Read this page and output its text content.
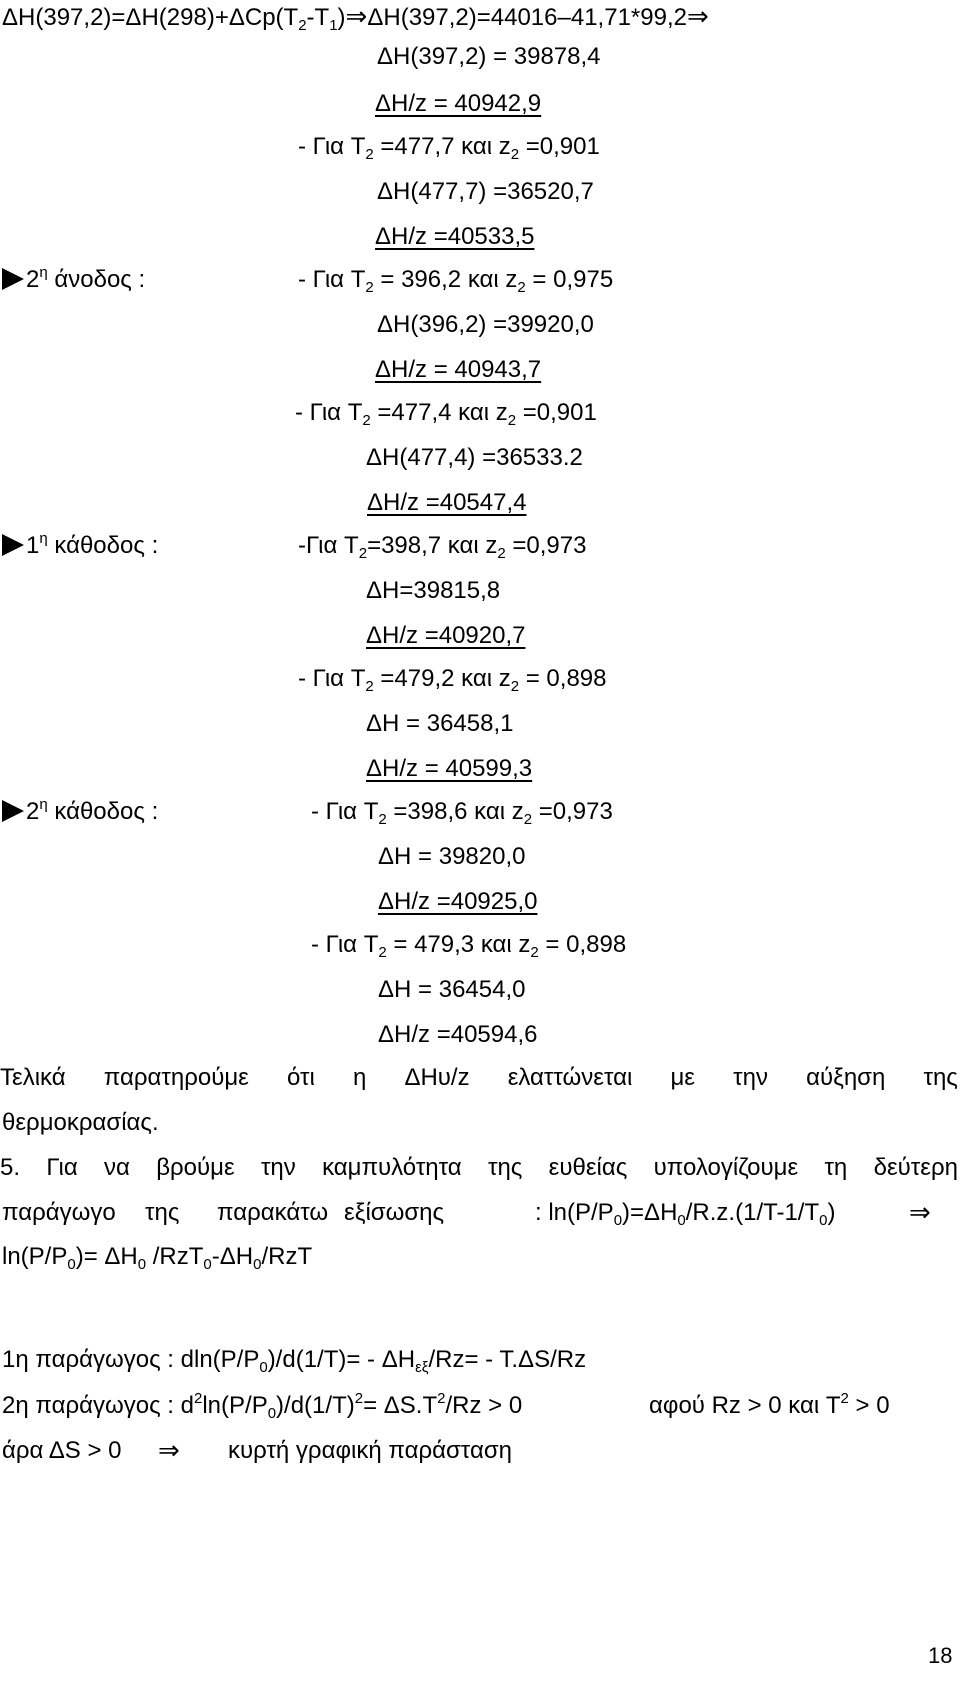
$\Delta H(397,2)=\Delta H(298)+\Delta Cp(T_2-T_1)\Rightarrow\Delta H(397,2)=44016-41,71*99,2\Rightarrow$
ΔΗ(397,2) = 39878,4
ΔΗ/z = 40942,9
- Για $T_2 =477,7$ και $z_2 =0,901$
ΔΗ(477,7) =36520,7
ΔΗ/z =40533,5
$2^\eta$ άνοδος :	- Για $T_2 = 396,2$ και $z_2 = 0,975$
ΔΗ(396,2) =39920,0
ΔΗ/z = 40943,7
- Για $T_2 =477,4$ και $z_2 =0,901$
ΔΗ(477,4) =36533.2
ΔΗ/z =40547,4
$1^\eta$ κάθοδος :	-Για $T_2=398,7$ και $z_2 =0,973$
ΔΗ=39815,8
ΔΗ/z =40920,7
- Για $T_2 =479,2$ και $z_2 = 0,898$
ΔΗ = 36458,1
ΔΗ/z = 40599,3
$2^\eta$ κάθοδος :	- Για $T_2 =398,6$ και $z_2 =0,973$
ΔΗ = 39820,0
ΔΗ/z =40925,0
- Για $T_2 = 479,3$ και $z_2 = 0,898$
ΔΗ = 36454,0
ΔΗ/z =40594,6
Τελικά παρατηρούμε ότι η ΔΗυ/z ελαττώνεται με την αύξηση της
θερμοκρασίας.
5. Για να βρούμε την καμπυλότητα της ευθείας υπολογίζουμε τη δεύτερη
παράγωγο της παρακάτω εξίσωσης	: $\ln(P/P_0)=\Delta H_0/R.z.(1/T-1/T_0)$	⇒
$\ln(P/P_0)= \Delta H_0$ $/RzT_0-\Delta H_0$/RzT
1η παράγωγος : $dln(P/P_0)/d(1/T)= - \Delta H_{\varepsilon\xi}/Rz= - T.\Delta S/Rz$
2η παράγωγος : $d^2\ln(P/P_0)/d(1/T)^2= \Delta S.T^2/Rz > 0$	αφού Rz > 0 και $T^2 > 0$
άρα ΔS > 0 ⇒ κυρτή γραφική παράσταση
18
